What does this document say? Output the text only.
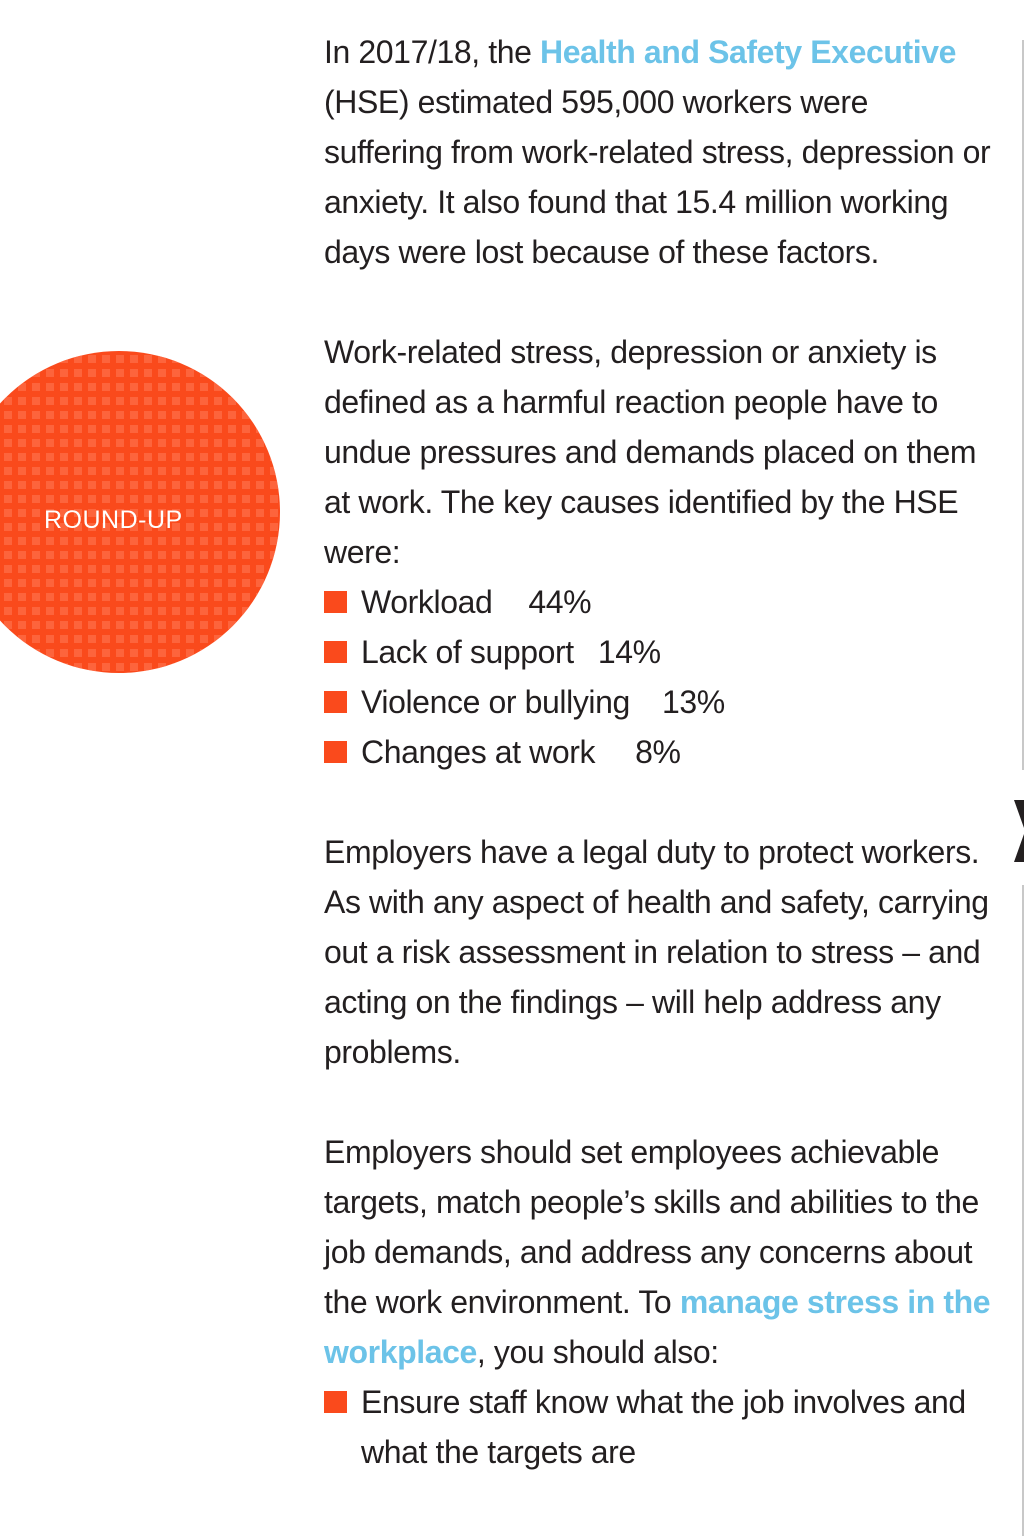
ROUND-UP

In 2017/18, the Health and Safety Executive (HSE) estimated 595,000 workers were suffering from work-related stress, depression or anxiety. It also found that 15.4 million working days were lost because of these factors.

Work-related stress, depression or anxiety is defined as a harmful reaction people have to undue pressures and demands placed on them at work. The key causes identified by the HSE were:

Workload 44%
Lack of support 14%
Violence or bullying 13%
Changes at work 8%

Employers have a legal duty to protect workers. As with any aspect of health and safety, carrying out a risk assessment in relation to stress – and acting on the findings – will help address any problems.

Employers should set employees achievable targets, match people’s skills and abilities to the job demands, and address any concerns about the work environment. To manage stress in the workplace, you should also:

Ensure staff know what the job involves and what the targets are
